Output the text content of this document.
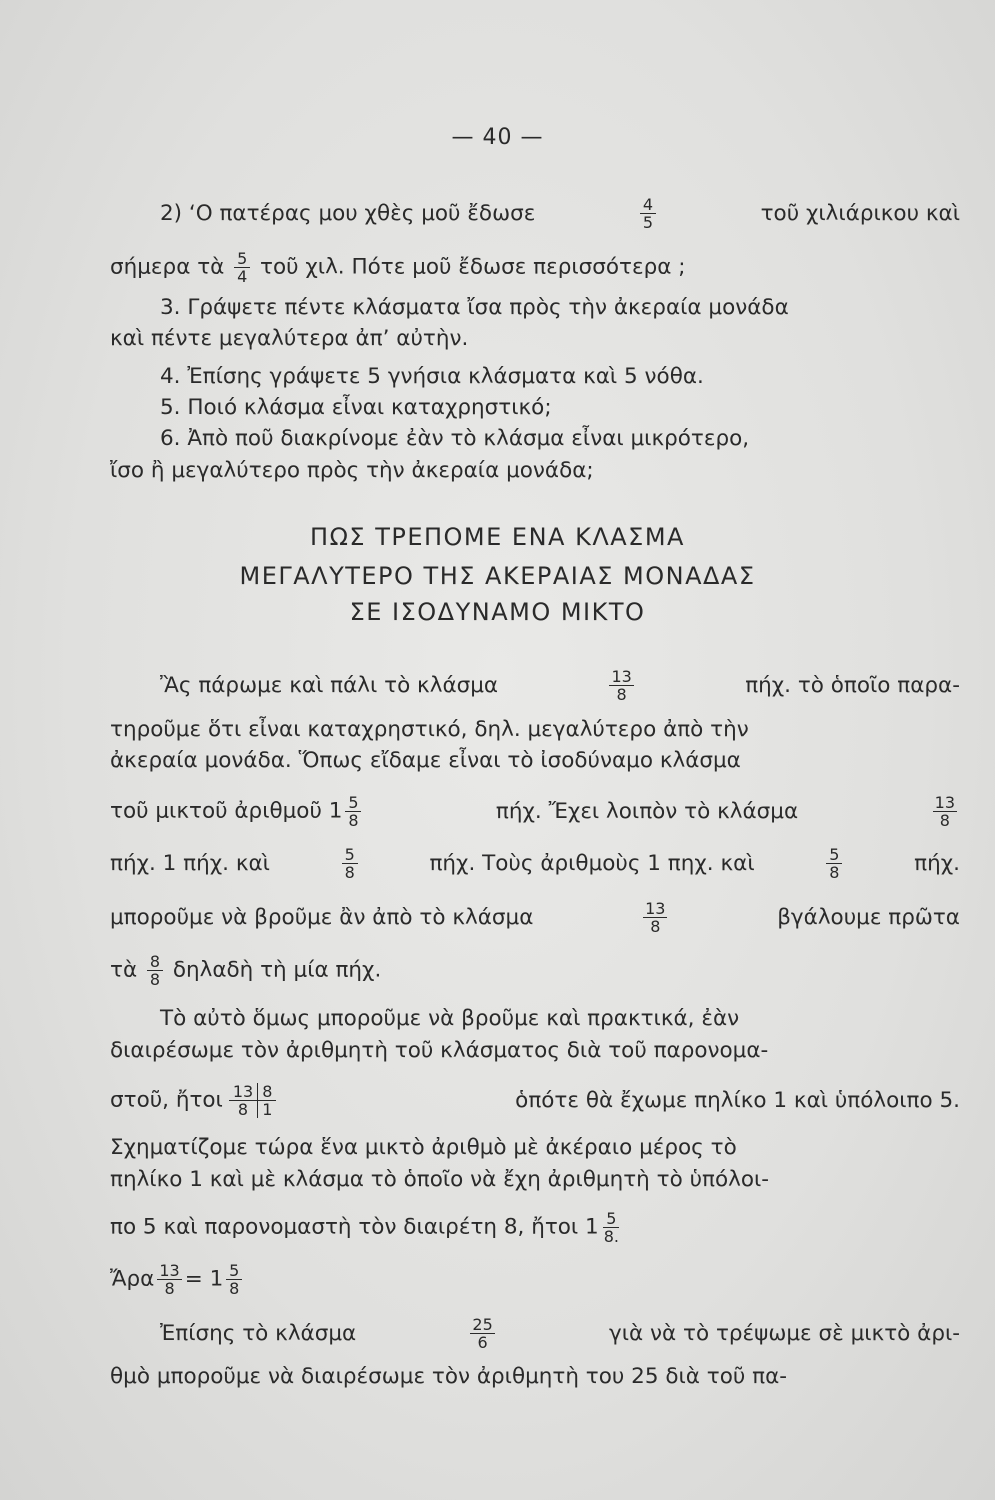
— 40 —
2) ‘Ο πατέρας μου χθὲς μοῦ ἔδωσε	$\frac{4}{5}$	τοῦ χιλιάρικου καὶ
σήμερα τὰ $\frac{5}{4}$ τοῦ χιλ. Πότε μοῦ ἔδωσε περισσότερα ;
3. Γράψετε πέντε κλάσματα ἴσα πρὸς τὴν ἀκεραία μονάδα
καὶ πέντε μεγαλύτερα ἀπ’ αὐτὴν.
4. Ἐπίσης γράψετε 5 γνήσια κλάσματα καὶ 5 νόθα.
5. Ποιό κλάσμα εἶναι καταχρηστικό;
6. Ἀπὸ ποῦ διακρίνομε ἐὰν τὸ κλάσμα εἶναι μικρότερο,
ἴσο ἢ μεγαλύτερο πρὸς τὴν ἀκεραία μονάδα;
ΠΩΣ ΤΡΕΠΟΜΕ ΕΝΑ ΚΛΑΣΜΑ
ΜΕΓΑΛΥΤΕΡΟ ΤΗΣ ΑΚΕΡΑΙΑΣ ΜΟΝΑΔΑΣ
ΣΕ ΙΣΟΔΥΝΑΜΟ ΜΙΚΤΟ
Ἂς πάρωμε καὶ πάλι τὸ κλάσμα	$\frac{13}{8}$	πήχ. τὸ ὁποῖο παρα-
τηροῦμε ὅτι εἶναι καταχρηστικό, δηλ. μεγαλύτερο ἀπὸ τὴν
ἀκεραία μονάδα. Ὅπως εἴδαμε εἶναι τὸ ἰσοδύναμο κλάσμα
τοῦ μικτοῦ ἀριθμοῦ $1 \frac{5}{8}$	πήχ. Ἔχει λοιπὸν τὸ κλάσμα	$\frac{13}{8}$
πήχ. 1 πήχ. καὶ	$\frac{5}{8}$	πήχ. Τοὺς ἀριθμοὺς 1 πηχ. καὶ	$\frac{5}{8}$	πήχ.
μποροῦμε νὰ βροῦμε ἂν ἀπὸ τὸ κλάσμα	$\frac{13}{8}$	βγάλουμε πρῶτα
τὰ $\frac{8}{8}$ δηλαδὴ τὴ μία πήχ.
Τὸ αὐτὸ ὅμως μποροῦμε νὰ βροῦμε καὶ πρακτικά, ἐὰν
διαιρέσωμε τὸν ἀριθμητὴ τοῦ κλάσματος διὰ τοῦ παρονομα-
στοῦ, ἤτοι 13 8
8 1	ὁπότε θὰ ἔχωμε πηλίκο 1 καὶ ὑπόλοιπο 5.
Σχηματίζομε τώρα ἕνα μικτὸ ἀριθμὸ μὲ ἀκέραιο μέρος τὸ
πηλίκο 1 καὶ μὲ κλάσμα τὸ ὁποῖο νὰ ἔχη ἀριθμητὴ τὸ ὑπόλοι-
πο 5 καὶ παρονομαστὴ τὸν διαιρέτη 8, ἤτοι $1 \frac{5}{8.}$
Ἄρα $\frac{13}{8} = 1 \frac{5}{8}$
Ἐπίσης τὸ κλάσμα	$\frac{25}{6}$	γιὰ νὰ τὸ τρέψωμε σὲ μικτὸ ἀρι-
θμὸ μποροῦμε νὰ διαιρέσωμε τὸν ἀριθμητὴ του 25 διὰ τοῦ πα-
